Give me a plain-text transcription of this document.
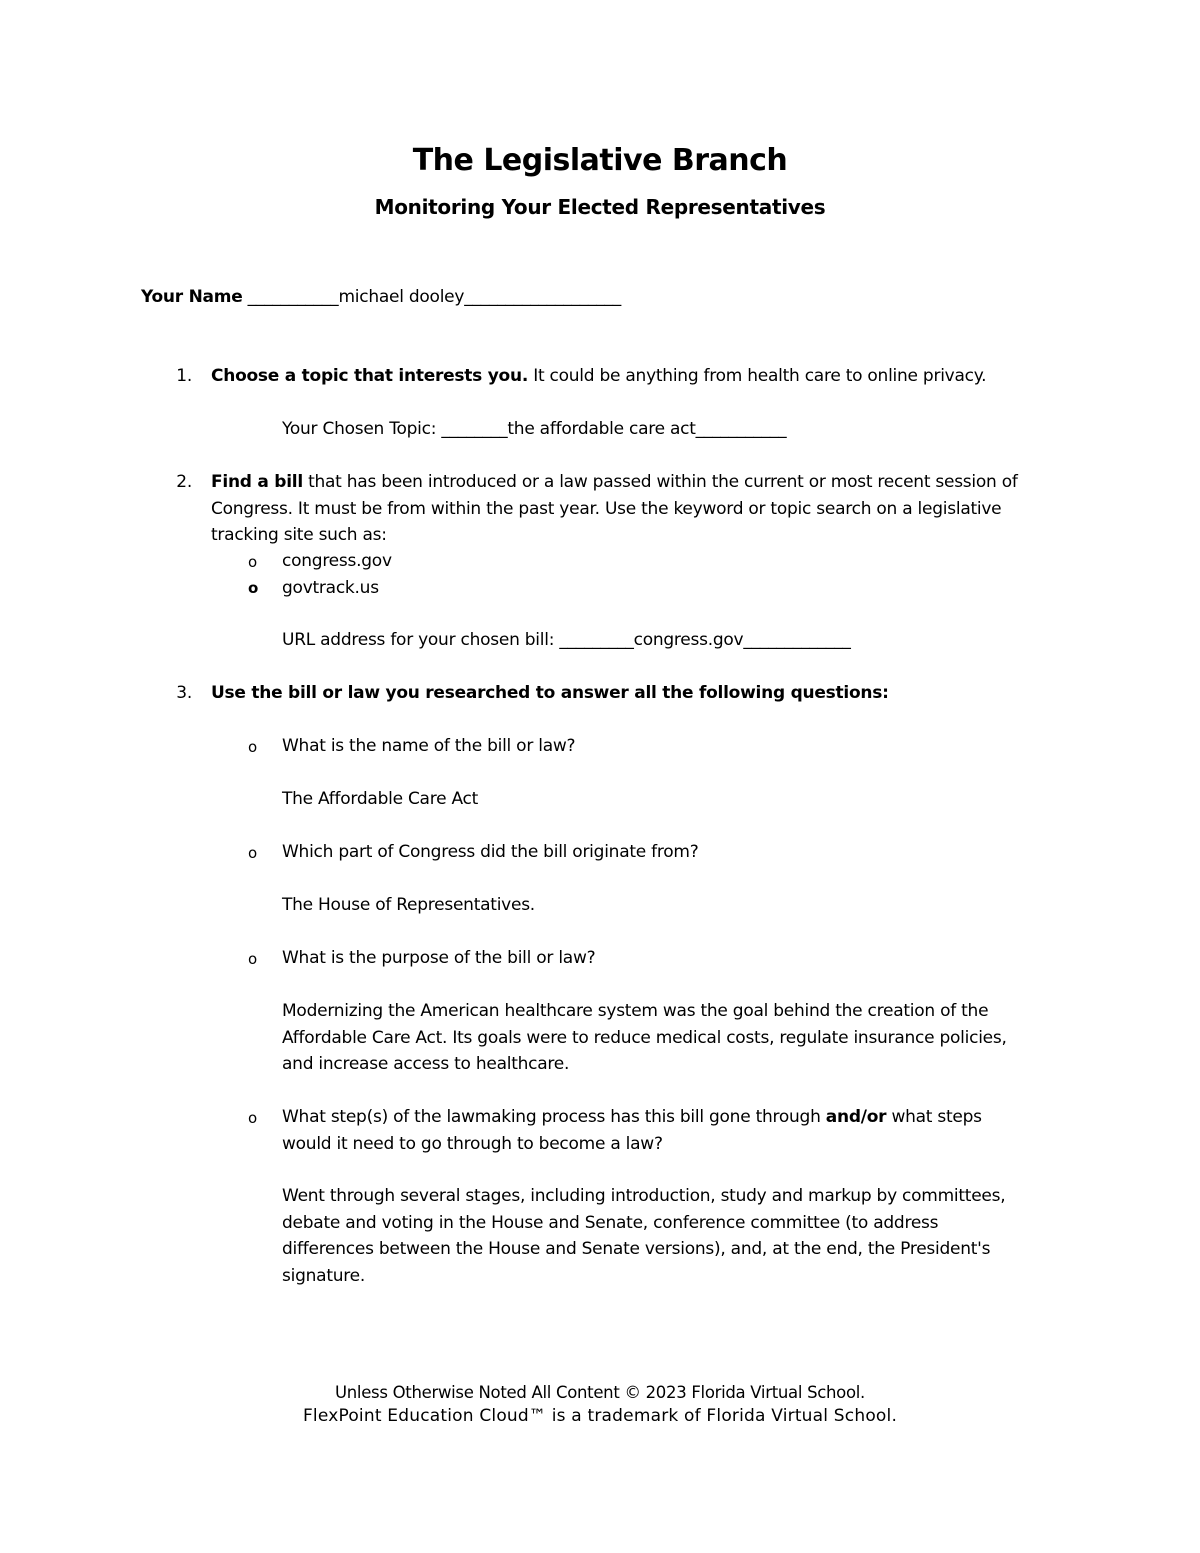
The Legislative Branch
Monitoring Your Elected Representatives
Your Name ___________michael dooley___________________
1. Choose a topic that interests you. It could be anything from health care to online privacy.
Your Chosen Topic: ________the affordable care act___________
2. Find a bill that has been introduced or a law passed within the current or most recent session of
Congress. It must be from within the past year. Use the keyword or topic search on a legislative
tracking site such as:
o congress.gov
o govtrack.us
URL address for your chosen bill: _________congress.gov_____________
3. Use the bill or law you researched to answer all the following questions:
o What is the name of the bill or law?
The Affordable Care Act
o Which part of Congress did the bill originate from?
The House of Representatives.
o What is the purpose of the bill or law?
Modernizing the American healthcare system was the goal behind the creation of the
Affordable Care Act. Its goals were to reduce medical costs, regulate insurance policies,
and increase access to healthcare.
o What step(s) of the lawmaking process has this bill gone through and/or what steps
would it need to go through to become a law?
Went through several stages, including introduction, study and markup by committees,
debate and voting in the House and Senate, conference committee (to address
differences between the House and Senate versions), and, at the end, the President's
signature.
Unless Otherwise Noted All Content © 2023 Florida Virtual School.
FlexPoint Education Cloud™ is a trademark of Florida Virtual School.
